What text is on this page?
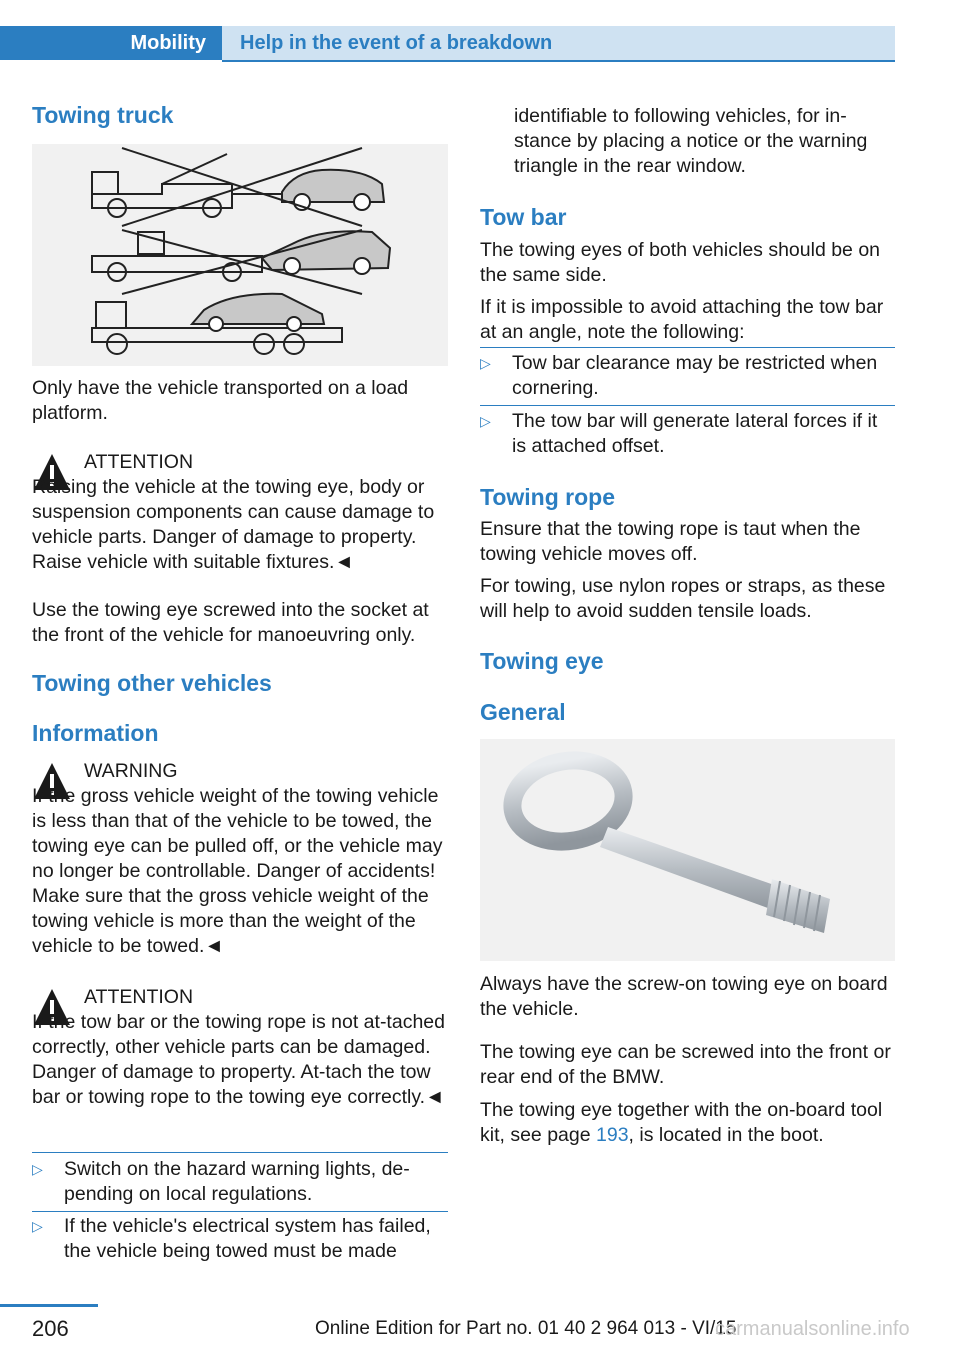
Mobility	Help in the event of a breakdown
Towing truck

Only have the vehicle transported on a load platform.

ATTENTION
Raising the vehicle at the towing eye, body or suspension components can cause damage to vehicle parts. Danger of damage to property. Raise vehicle with suitable fixtures.◄

Use the towing eye screwed into the socket at the front of the vehicle for manoeuvring only.

Towing other vehicles
Information

WARNING
If the gross vehicle weight of the towing vehicle is less than that of the vehicle to be towed, the towing eye can be pulled off, or the vehicle may no longer be controllable. Danger of accidents! Make sure that the gross vehicle weight of the towing vehicle is more than the weight of the vehicle to be towed.◄

ATTENTION
If the tow bar or the towing rope is not at‐tached correctly, other vehicle parts can be damaged. Danger of damage to property. At‐tach the tow bar or towing rope to the towing eye correctly.◄

▷ Switch on the hazard warning lights, de‐pending on local regulations.
▷ If the vehicle's electrical system has failed, the vehicle being towed must be made

identifiable to following vehicles, for in‐stance by placing a notice or the warning triangle in the rear window.

Tow bar

The towing eyes of both vehicles should be on the same side.

If it is impossible to avoid attaching the tow bar at an angle, note the following:

▷ Tow bar clearance may be restricted when cornering.
▷ The tow bar will generate lateral forces if it is attached offset.
Towing rope

Ensure that the towing rope is taut when the towing vehicle moves off.

For towing, use nylon ropes or straps, as these will help to avoid sudden tensile loads.

Towing eye
General

Always have the screw-on towing eye on board the vehicle.

The towing eye can be screwed into the front or rear end of the BMW.

The towing eye together with the on-board tool kit, see page 193, is located in the boot.

206	Online Edition for Part no. 01 40 2 964 013 - VI/15
carmanualsonline.info
